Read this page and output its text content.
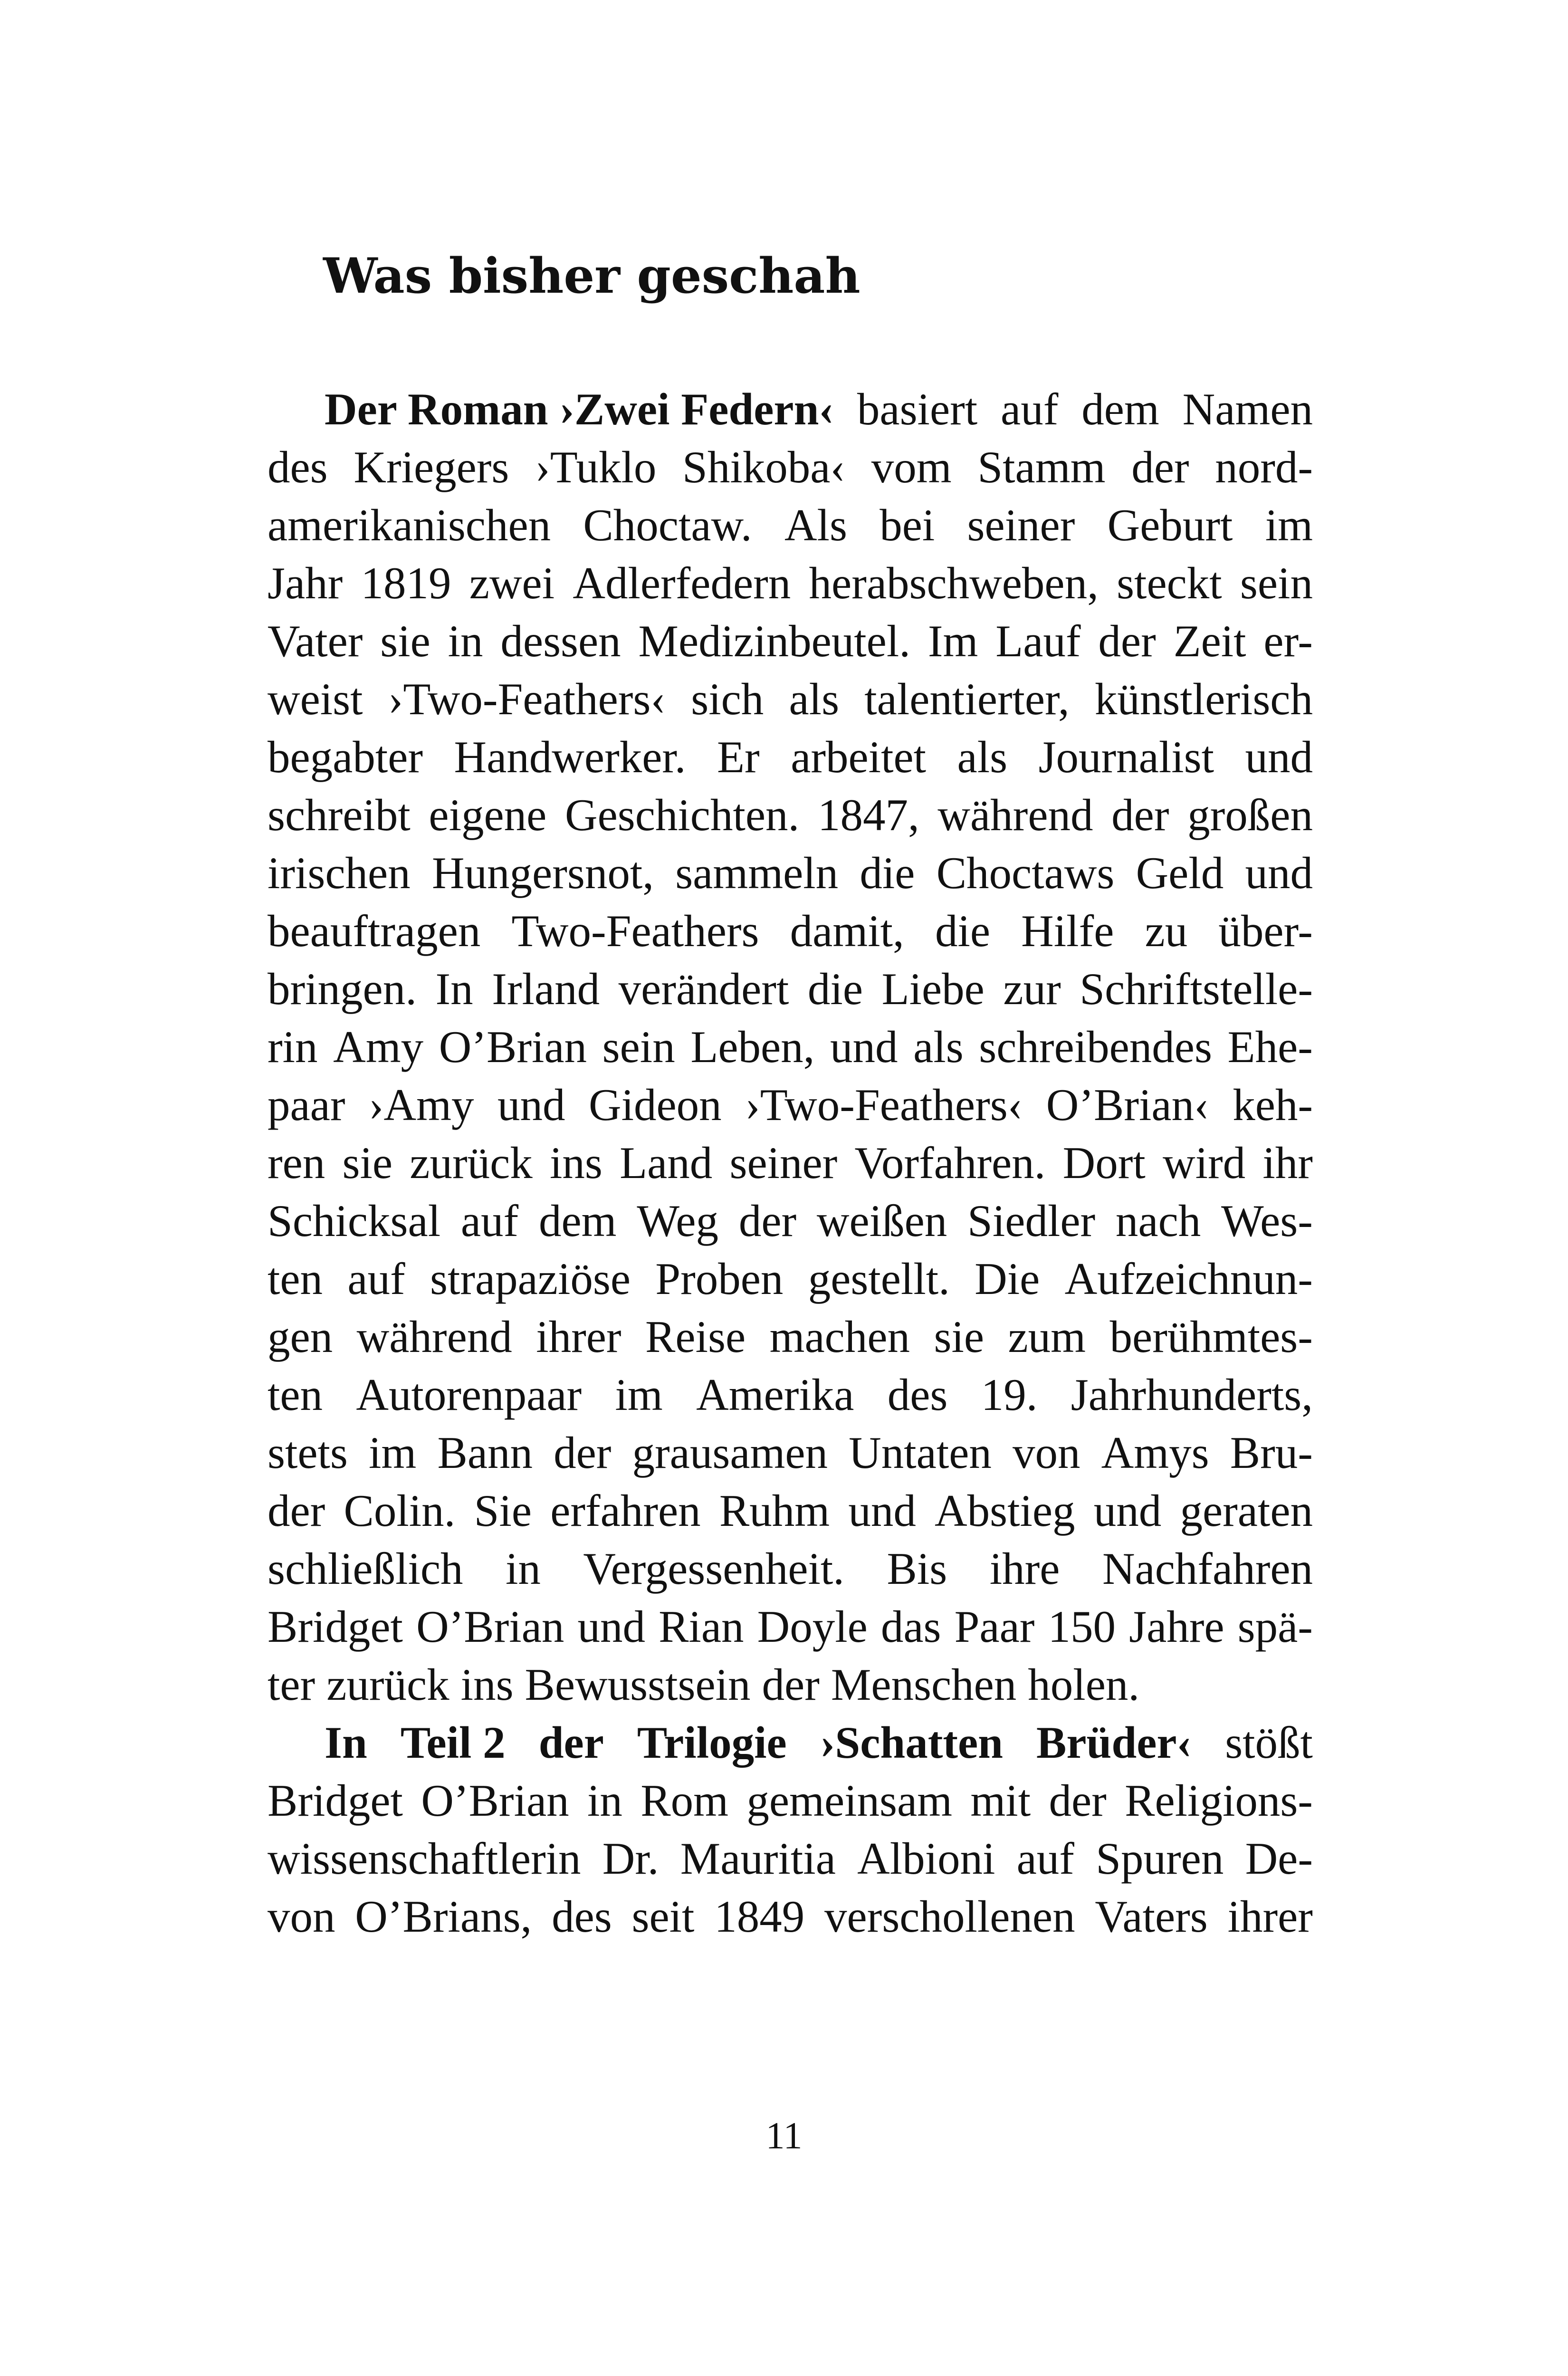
Was bisher geschah
Der Roman ›Zwei Federn‹ basiert auf dem Namen
des Kriegers ›Tuklo Shikoba‹ vom Stamm der nord-
amerikanischen Choctaw. Als bei seiner Geburt im
Jahr 1819 zwei Adlerfedern herabschweben, steckt sein
Vater sie in dessen Medizinbeutel. Im Lauf der Zeit er-
weist ›Two-Feathers‹ sich als talentierter, künstlerisch
begabter Handwerker. Er arbeitet als Journalist und
schreibt eigene Geschichten. 1847, während der großen
irischen Hungersnot, sammeln die Choctaws Geld und
beauftragen Two-Feathers damit, die Hilfe zu über-
bringen. In Irland verändert die Liebe zur Schriftstelle-
rin Amy O’Brian sein Leben, und als schreibendes Ehe-
paar ›Amy und Gideon ›Two-Feathers‹ O’Brian‹ keh-
ren sie zurück ins Land seiner Vorfahren. Dort wird ihr
Schicksal auf dem Weg der weißen Siedler nach Wes-
ten auf strapaziöse Proben gestellt. Die Aufzeichnun-
gen während ihrer Reise machen sie zum berühmtes-
ten Autorenpaar im Amerika des 19. Jahrhunderts,
stets im Bann der grausamen Untaten von Amys Bru-
der Colin. Sie erfahren Ruhm und Abstieg und geraten
schließlich in Vergessenheit. Bis ihre Nachfahren
Bridget O’Brian und Rian Doyle das Paar 150 Jahre spä-
ter zurück ins Bewusstsein der Menschen holen.
In Teil 2 der Trilogie ›Schatten Brüder‹ stößt
Bridget O’Brian in Rom gemeinsam mit der Religions-
wissenschaftlerin Dr. Mauritia Albioni auf Spuren De-
von O’Brians, des seit 1849 verschollenen Vaters ihrer
11
